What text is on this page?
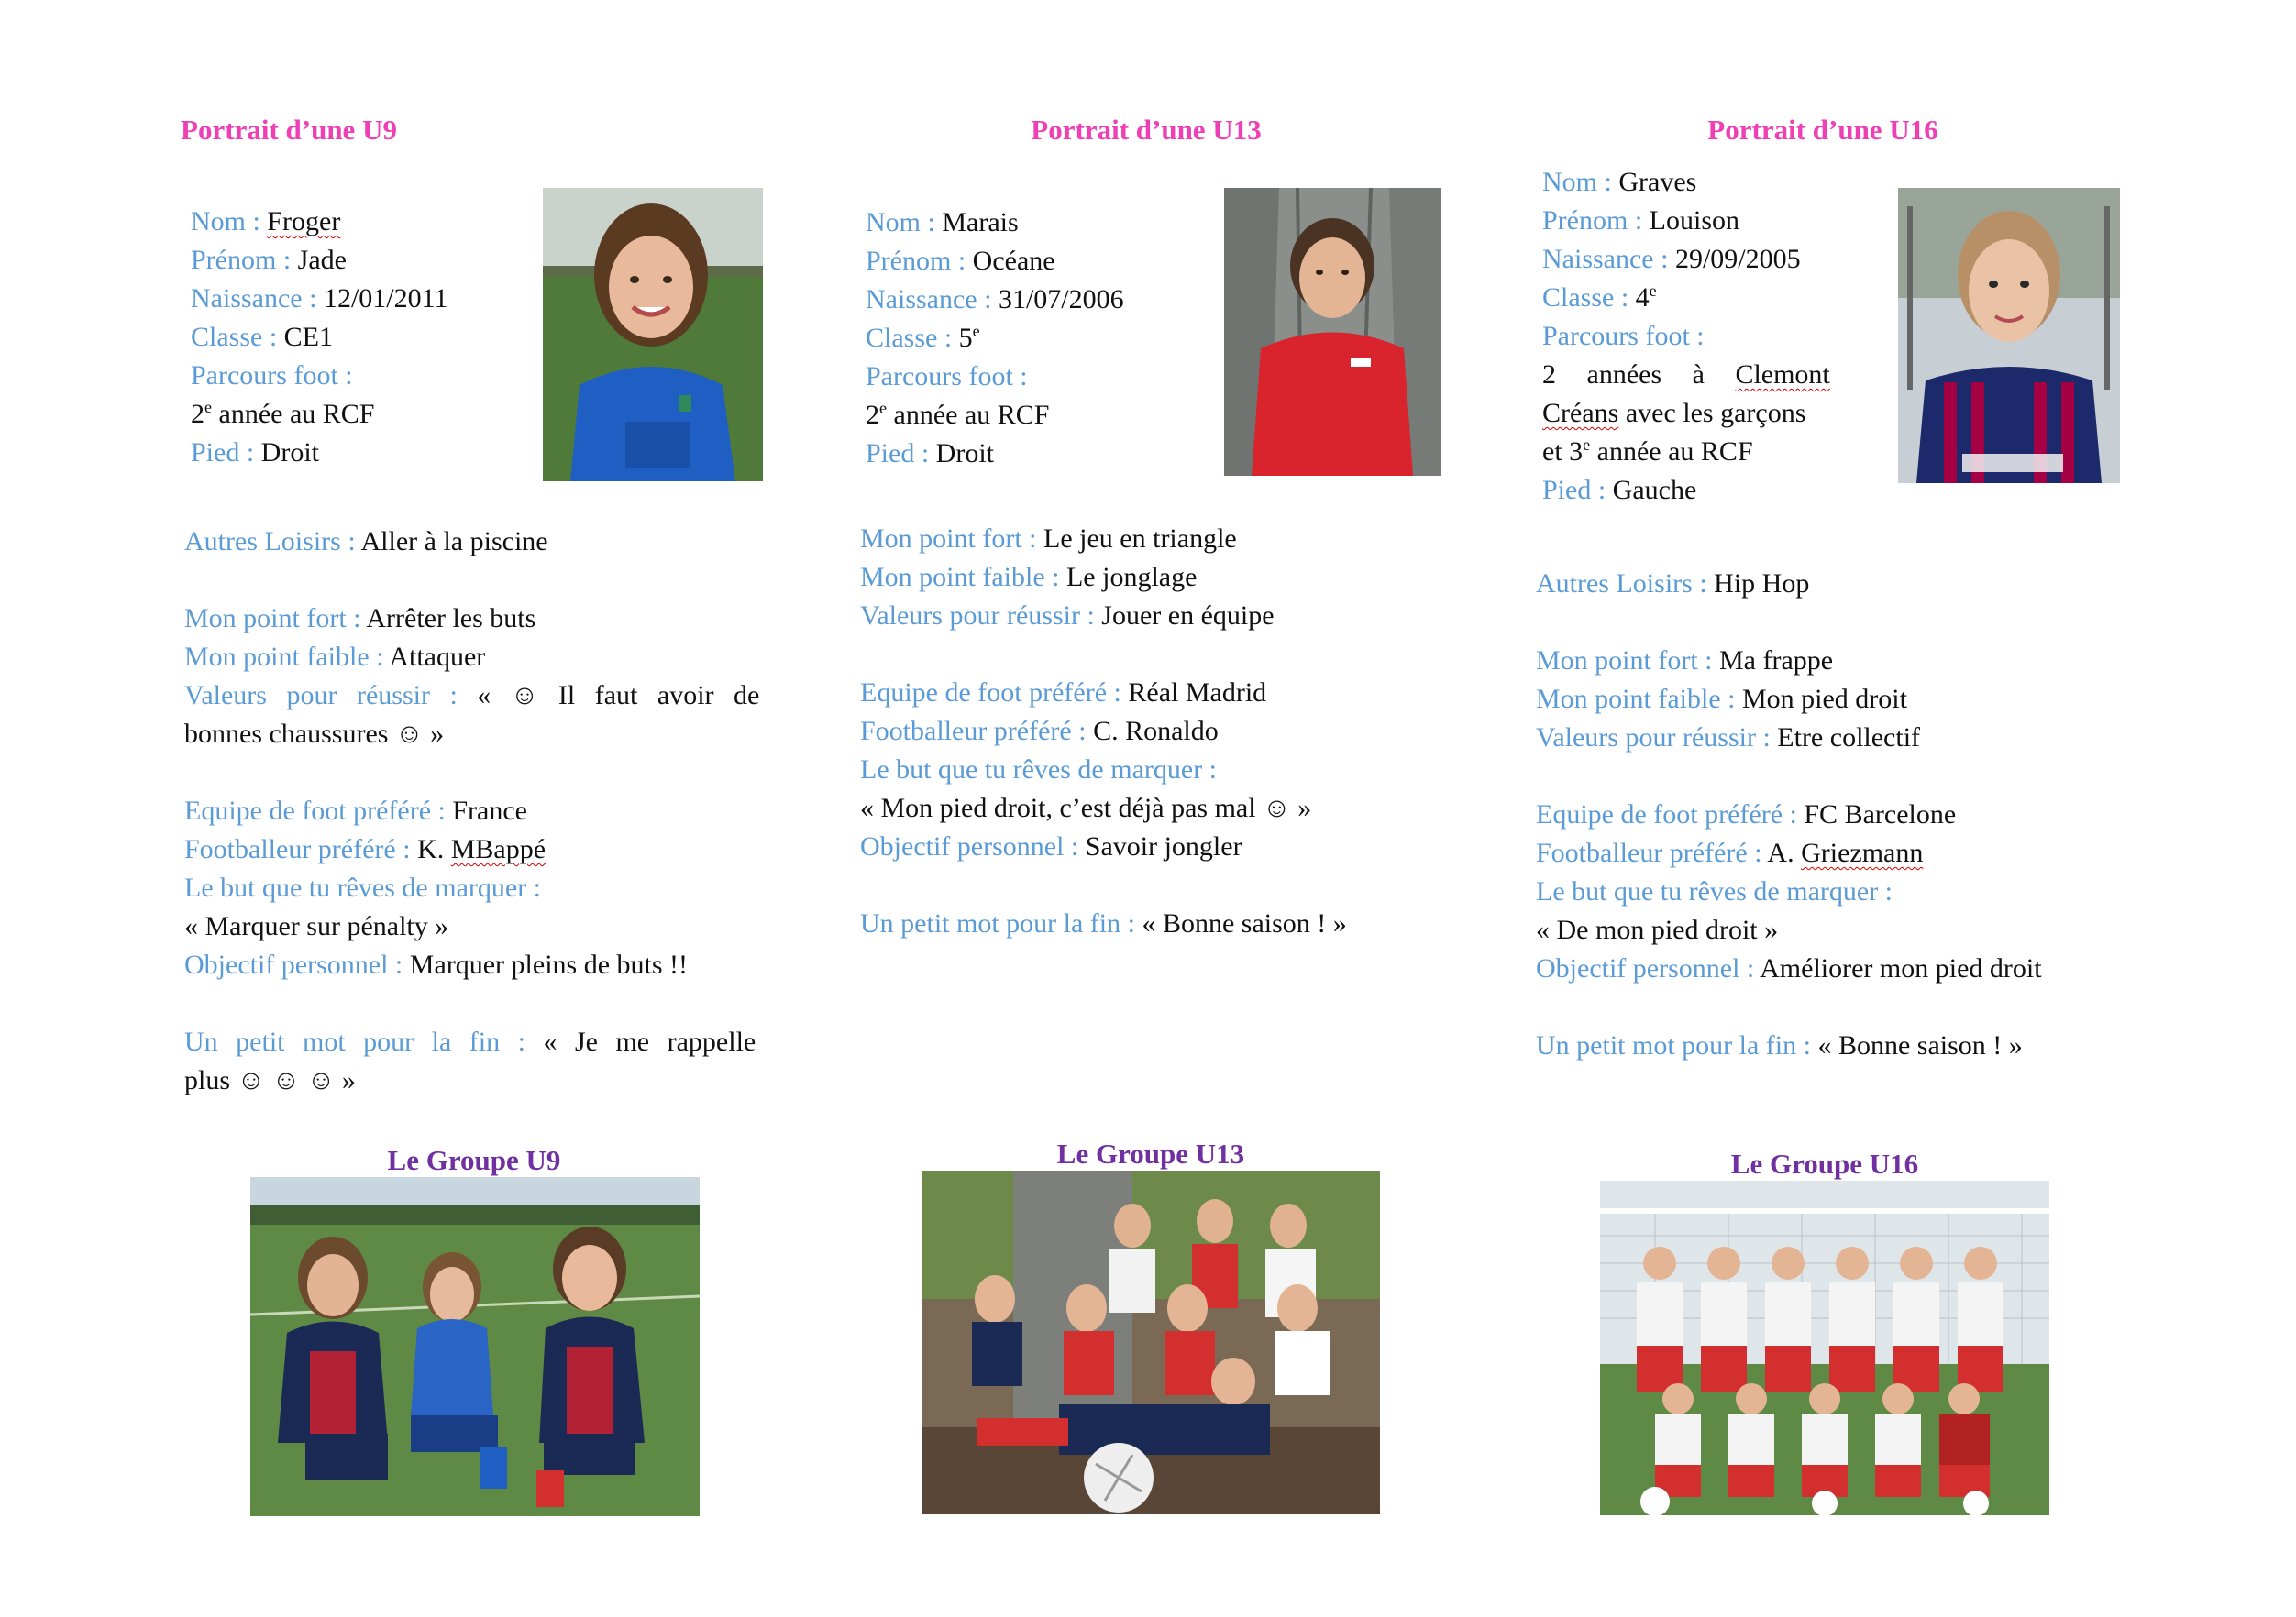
Portrait d’une U9
Nom : Froger
Prénom : Jade
Naissance : 12/01/2011
Classe : CE1
Parcours foot :
2e année au RCF
Pied : Droit
Autres Loisirs : Aller à la piscine
Mon point fort : Arrêter les buts
Mon point faible : Attaquer
Valeurs pour réussir : « ☺ Il faut avoir de
bonnes chaussures ☺ »
Equipe de foot préféré : France
Footballeur préféré : K. MBappé
Le but que tu rêves de marquer :
« Marquer sur pénalty »
Objectif personnel : Marquer pleins de buts !!
Un petit mot pour la fin : « Je me rappelle
plus ☺ ☺ ☺ »
Le Groupe U9
Portrait d’une U13
Nom : Marais
Prénom : Océane
Naissance : 31/07/2006
Classe : 5e
Parcours foot :
2e année au RCF
Pied : Droit
Mon point fort : Le jeu en triangle
Mon point faible : Le jonglage
Valeurs pour réussir : Jouer en équipe
Equipe de foot préféré : Réal Madrid
Footballeur préféré : C. Ronaldo
Le but que tu rêves de marquer :
« Mon pied droit, c’est déjà pas mal ☺ »
Objectif personnel : Savoir jongler
Un petit mot pour la fin : « Bonne saison ! »
Le Groupe U13
Portrait d’une U16
Nom : Graves
Prénom : Louison
Naissance : 29/09/2005
Classe : 4e
Parcours foot :
2 années à Clemont
Créans avec les garçons
et 3e année au RCF
Pied : Gauche
Autres Loisirs : Hip Hop
Mon point fort : Ma frappe
Mon point faible : Mon pied droit
Valeurs pour réussir : Etre collectif
Equipe de foot préféré : FC Barcelone
Footballeur préféré : A. Griezmann
Le but que tu rêves de marquer :
« De mon pied droit »
Objectif personnel : Améliorer mon pied droit
Un petit mot pour la fin : « Bonne saison ! »
Le Groupe U16
